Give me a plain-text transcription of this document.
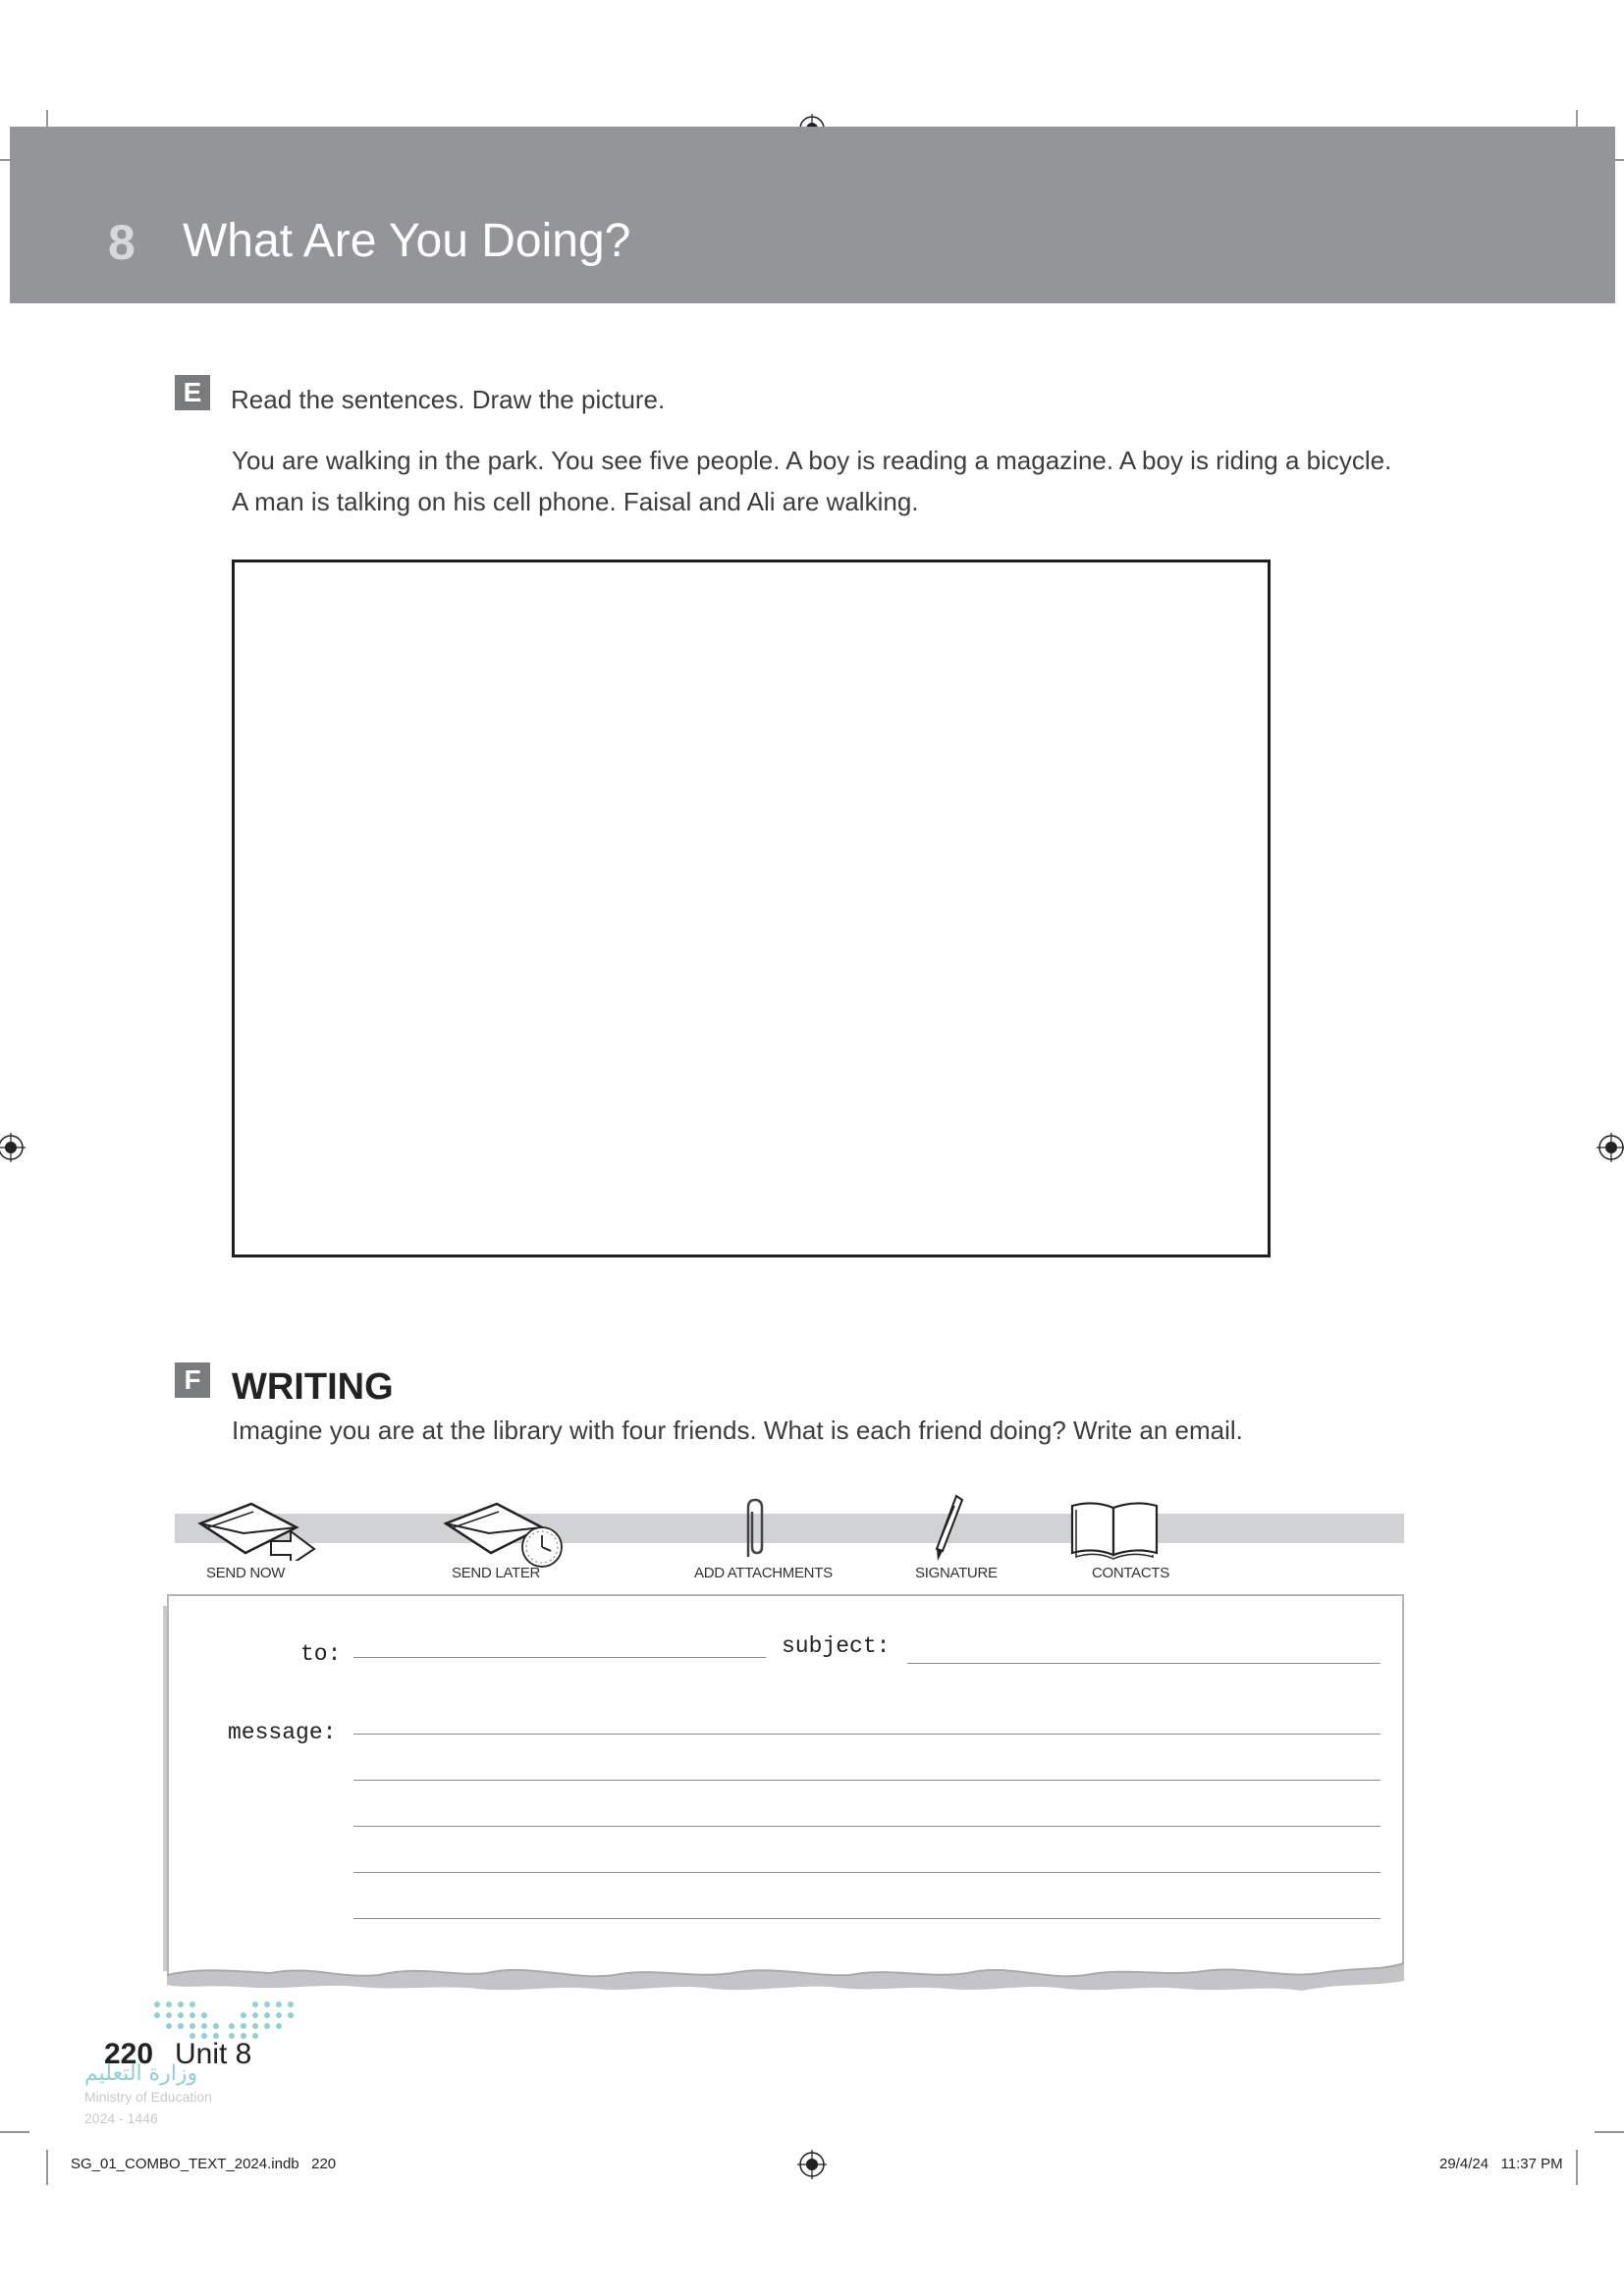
8 What Are You Doing?
E	Read the sentences. Draw the picture.
You are walking in the park. You see five people. A boy is reading a magazine. A boy is riding a bicycle.
A man is talking on his cell phone. Faisal and Ali are walking.
F WRITING
Imagine you are at the library with four friends. What is each friend doing? Write an email.
SEND NOW	SEND LATER	ADD ATTACHMENTS	SIGNATURE	CONTACTS
to:	subject:
message:
220 Unit 8
وزارة التعليم
Ministry of Education
2024 - 1446
SG_01_COMBO_TEXT_2024.indb   220	29/4/24   11:37 PM
